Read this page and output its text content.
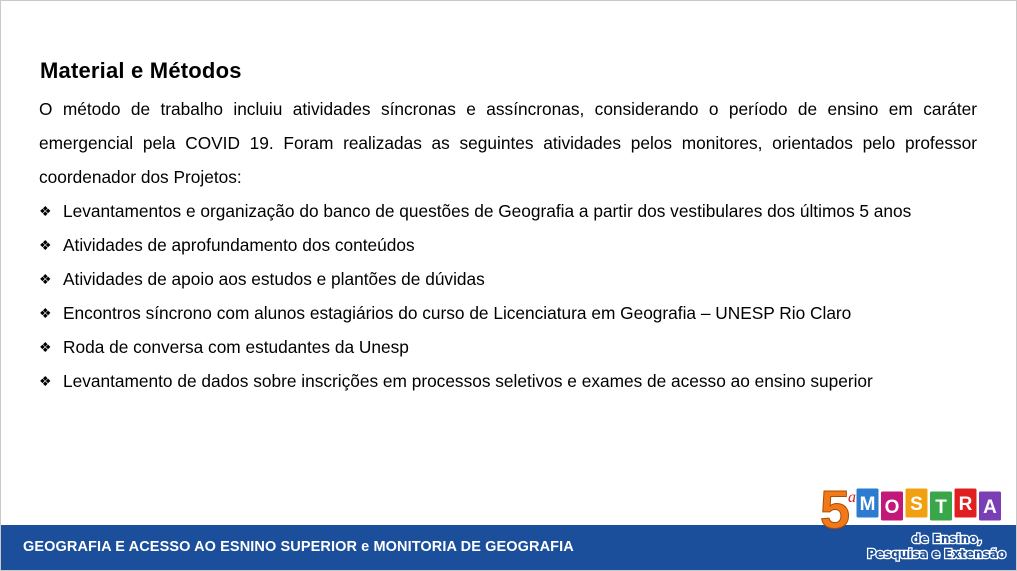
Material e Métodos

O método de trabalho incluiu atividades síncronas e assíncronas, considerando o período de ensino em caráter emergencial pela COVID 19. Foram realizadas as seguintes atividades pelos monitores, orientados pelo professor coordenador dos Projetos:

❖ Levantamentos e organização do banco de questões de Geografia a partir dos vestibulares dos últimos 5 anos
❖ Atividades de aprofundamento dos conteúdos
❖ Atividades de apoio aos estudos e plantões de dúvidas
❖ Encontros síncrono com alunos estagiários do curso de Licenciatura em Geografia – UNESP Rio Claro
❖ Roda de conversa com estudantes da Unesp
❖ Levantamento de dados sobre inscrições em processos seletivos e exames de acesso ao ensino superior
GEOGRAFIA E ACESSO AO ESNINO SUPERIOR e MONITORIA DE GEOGRAFIA
5
a M O S T R A
de Ensino,
Pesquisa e Extensão
